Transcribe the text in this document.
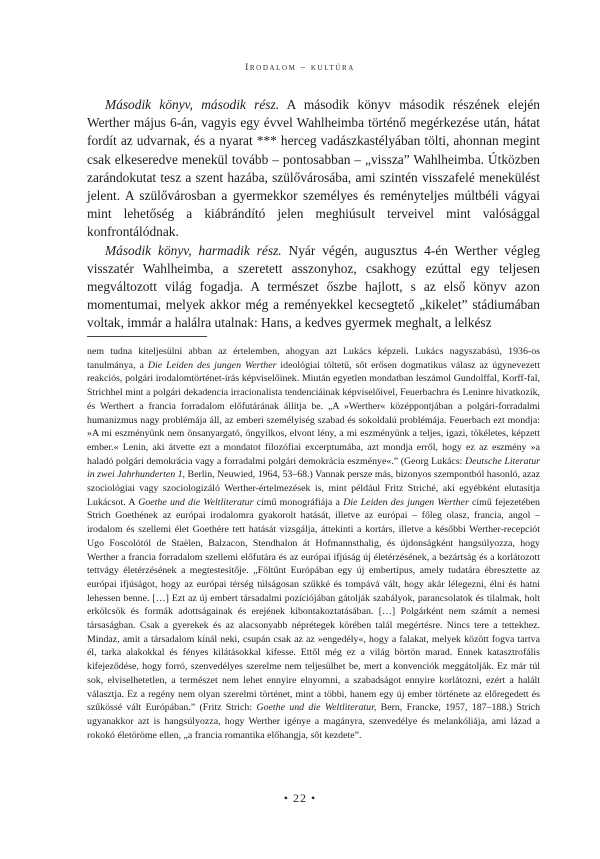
Irodalom – kultúra

Második könyv, második rész. A második könyv második részének elején Werther május 6-án, vagyis egy évvel Wahlheimba történő megérkezése után, hátat fordít az udvarnak, és a nyarat *** herceg vadászkastélyában tölti, ahonnan megint csak elkeseredve menekül tovább – pontosabban – „vissza” Wahlheimba. Útközben zarándokutat tesz a szent hazába, szülővárosába, ami szintén visszafelé menekülést jelent. A szülővárosban a gyermekkor személyes és reményteljes múltbéli vágyai mint lehetőség a kiábrándító jelen meghiúsult terveivel mint valósággal konfrontálódnak.

Második könyv, harmadik rész. Nyár végén, augusztus 4-én Werther végleg visszatér Wahlheimba, a szeretett asszonyhoz, csakhogy ezúttal egy teljesen megváltozott világ fogadja. A természet őszbe hajlott, s az első könyv azon momentumai, melyek akkor még a reményekkel kecsegtető „kikelet” stádiumában voltak, immár a halálra utalnak: Hans, a kedves gyermek meghalt, a lelkész

nem tudna kiteljesülni abban az értelemben, ahogyan azt Lukács képzeli. Lukács nagyszabású, 1936-os tanulmánya, a Die Leiden des jungen Werther ideológiai töltetű, sőt erősen dogmatikus válasz az úgynevezett reakciós, polgári irodalomtörténet-írás képviselőinek. Miután egyetlen mondatban leszámol Gundolffal, Korff-fal, Strichhel mint a polgári dekadencia irracionalista tendenciáinak képviselőivel, Feuerbachra és Leninre hivatkozik, és Werthert a francia forradalom előfutárának állítja be. „A »Werther« középpontjában a polgári-forradalmi humanizmus nagy problémája áll, az emberi személyiség szabad és sokoldalú problémája. Feuerbach ezt mondja: »A mi eszményünk nem önsanyargató, öngyilkos, elvont lény, a mi eszményünk a teljes, igazi, tökéletes, képzett ember.« Lenin, aki átvette ezt a mondatot filozófiai excerptumába, azt mondja erről, hogy ez az eszmény »a haladó polgári demokrácia vagy a forradalmi polgári demokrácia eszménye«.” (Georg Lukács: Deutsche Literatur in zwei Jahrhunderten 1, Berlin, Neuwied, 1964, 53–68.) Vannak persze más, bizonyos szempontból hasonló, azaz szociológiai vagy szociologizáló Werther-értelmezések is, mint például Fritz Striché, aki egyébként elutasítja Lukácsot. A Goethe und die Weltliteratur című monográfiája a Die Leiden des jungen Werther című fejezetében Strich Goethének az európai irodalomra gyakorolt hatását, illetve az európai – főleg olasz, francia, angol – irodalom és szellemi élet Goethére tett hatását vizsgálja, áttekinti a kortárs, illetve a későbbi Werther-recepciót Ugo Foscolótól de Staëlen, Balzacon, Stendhalon át Hofmannsthalig, és újdonságként hangsúlyozza, hogy Werther a francia forradalom szellemi előfutára és az európai ifjúság új életérzésének, a bezártság és a korlátozott tettvágy életérzésének a megtestesítője. „Föltűnt Európában egy új embertípus, amely tudatára ébresztette az európai ifjúságot, hogy az európai térség túlságosan szűkké és tompává vált, hogy akár lélegezni, élni és hatni lehessen benne. […] Ezt az új embert társadalmi pozíciójában gátolják szabályok, parancsolatok és tilalmak, holt erkölcsök és formák adottságainak és erejének kibontakoztatásában. […] Polgárként nem számít a nemesi társaságban. Csak a gyerekek és az alacsonyabb néprétegek körében talál megértésre. Nincs tere a tettekhez. Mindaz, amit a társadalom kínál neki, csupán csak az az »engedély«, hogy a falakat, melyek között fogva tartva él, tarka alakokkal és fényes kilátásokkal kifesse. Ettől még ez a világ börtön marad. Ennek katasztrofális kifejeződése, hogy forró, szenvedélyes szerelme nem teljesülhet be, mert a konvenciók meggátolják. Ez már túl sok, elviselhetetlen, a természet nem lehet ennyire elnyomni, a szabadságot ennyire korlátozni, ezért a halált választja. Ez a regény nem olyan szerelmi történet, mint a többi, hanem egy új ember története az előregedett és szűkössé vált Európában.” (Fritz Strich: Goethe und die Weltliteratur, Bern, Francke, 1957, 187–188.) Strich ugyanakkor azt is hangsúlyozza, hogy Werther igénye a magányra, szenvedélye és melankóliája, ami lázad a rokokó életöröme ellen, „a francia romantika előhangja, sőt kezdete”.

• 22 •
